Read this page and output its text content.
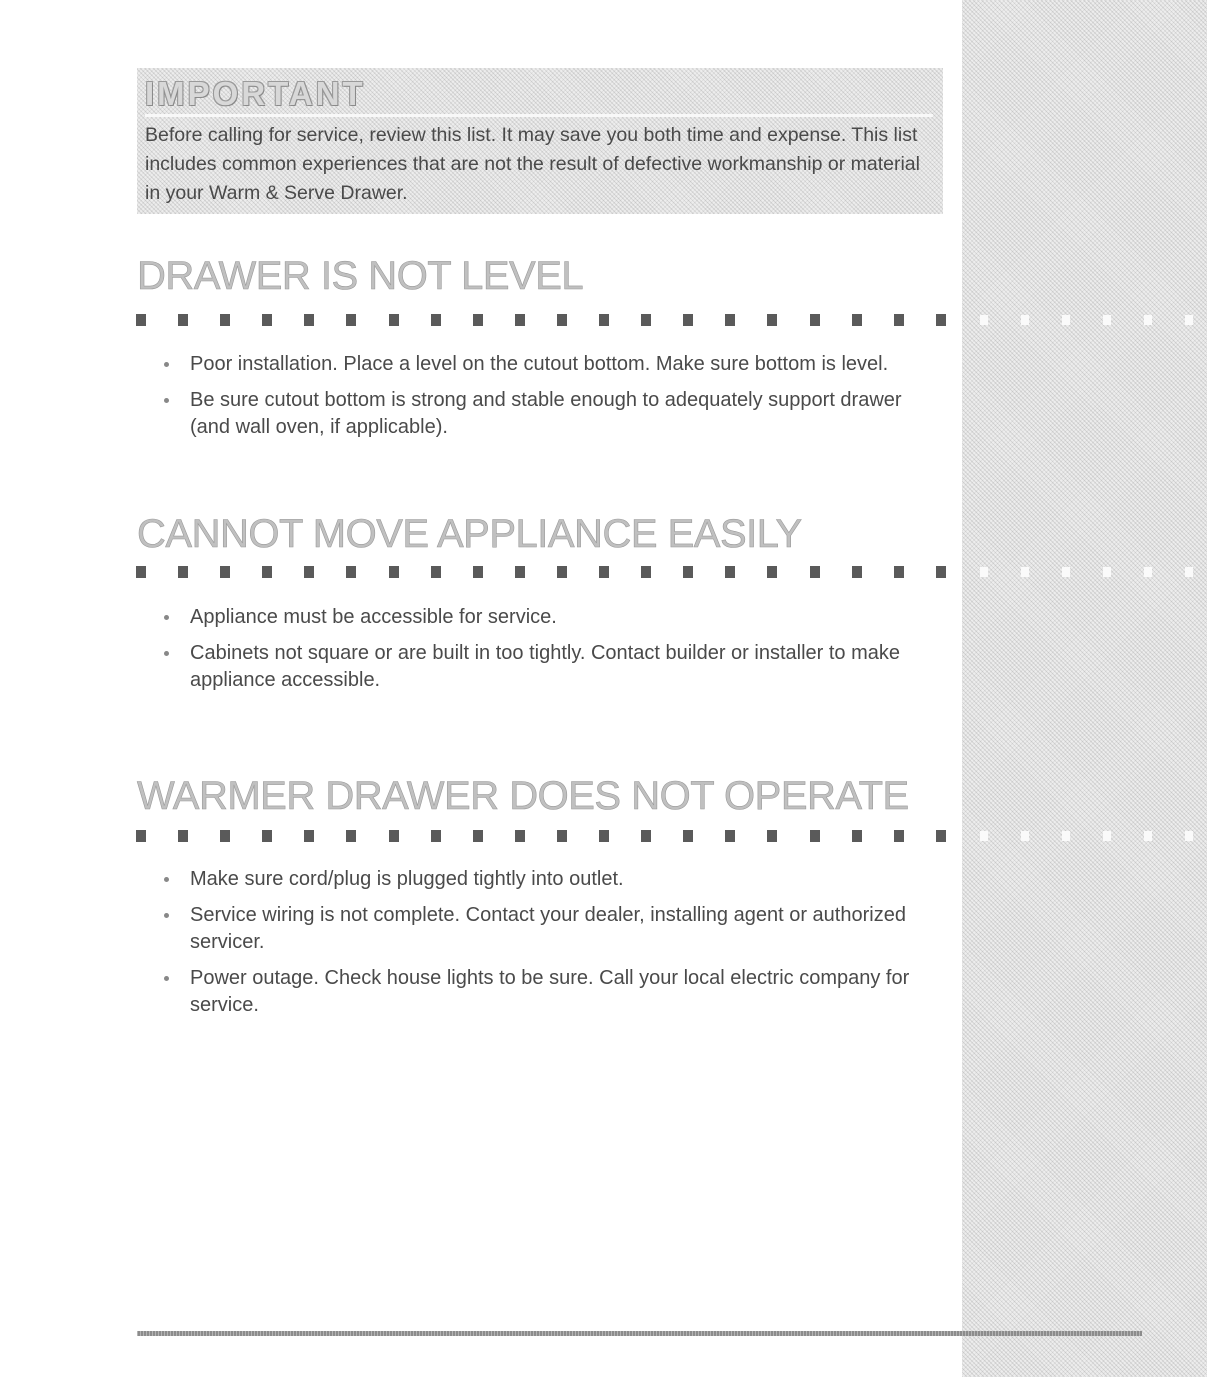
IMPORTANT
Before calling for service, review this list. It may save you both time and expense. This list includes common experiences that are not the result of defective workmanship or material in your Warm & Serve Drawer.
DRAWER IS NOT LEVEL
Poor installation. Place a level on the cutout bottom. Make sure bottom is level.
Be sure cutout bottom is strong and stable enough to adequately support drawer (and wall oven, if applicable).
CANNOT MOVE APPLIANCE EASILY
Appliance must be accessible for service.
Cabinets not square or are built in too tightly. Contact builder or installer to make appliance accessible.
WARMER DRAWER DOES NOT OPERATE
Make sure cord/plug is plugged tightly into outlet.
Service wiring is not complete. Contact your dealer, installing agent or authorized servicer.
Power outage. Check house lights to be sure. Call your local electric company for service.
